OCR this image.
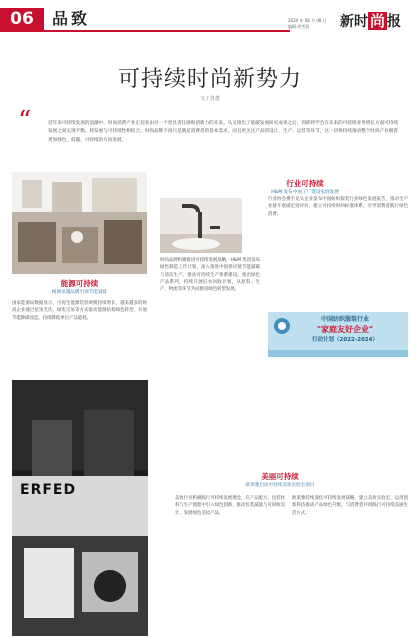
06	品致	2024 年 08 月 08 日
编辑 尚雪蓓 新时 尚 报
可持续时尚新势力
文 / 肖蔷
“	近年来可持续发展的浪潮中，时尚消费产业正迎来由另一个更具责任感和创新力的未来。从又推出了低碳发展研究成果之后，到即将学会在未来的可持续业务增长方面可持续发展之间实现平衡。将发展与可持续性相结合。时尚品牌不再只是满足消费者的基本需求，而且更关注产品的设计、生产、运营等环节，这一切将持续推动整个时尚产业朝着更加绿色、低碳、可持续的方向发展。
行业可持续
H&M 发布中国工厂建设家庭发展
时尚品牌积极推进可持续发展战略，H&M 集团发布绿色制造工作计划，深入推进中国供应链节能减碳与清洁生产，推动可持续生产体系建设，推出绿色产品系列，持续开展旧衣回收计划，从原料、生产、物流等环节共同推进绿色转型发展。
行业协会携手龙头企业发布中国纺织服装行业绿色发展报告，推动全产业链开展碳足迹评价，建立可持续时尚标准体系，引导消费者践行绿色消费。
能源可持续
格调卓越品牌引领节能减排
国家能源局数据显示，可再生能源装机规模持续增长，越来越多的时尚企业通过屋顶光伏、绿电交易等方式推动能源结构绿色转型，开展节能降碳改造，持续降低单位产品能耗。	中国纺织服装行业
"家庭友好企业"
行动计划（2022-2024）
美丽可持续
欧莱雅启动可持续美妆实验室项目
ERFED
美妆行业积极践行可持续发展理念，在产品配方、包装材料与生产流程中引入绿色创新，推动包装减量与可回收设计，发展绿色美妆产品。
欧莱雅持续深化可持续发展战略，建立美妆实验室，运用创新科技推动产品绿色升级，与消费者共同践行可持续美丽生活方式。
